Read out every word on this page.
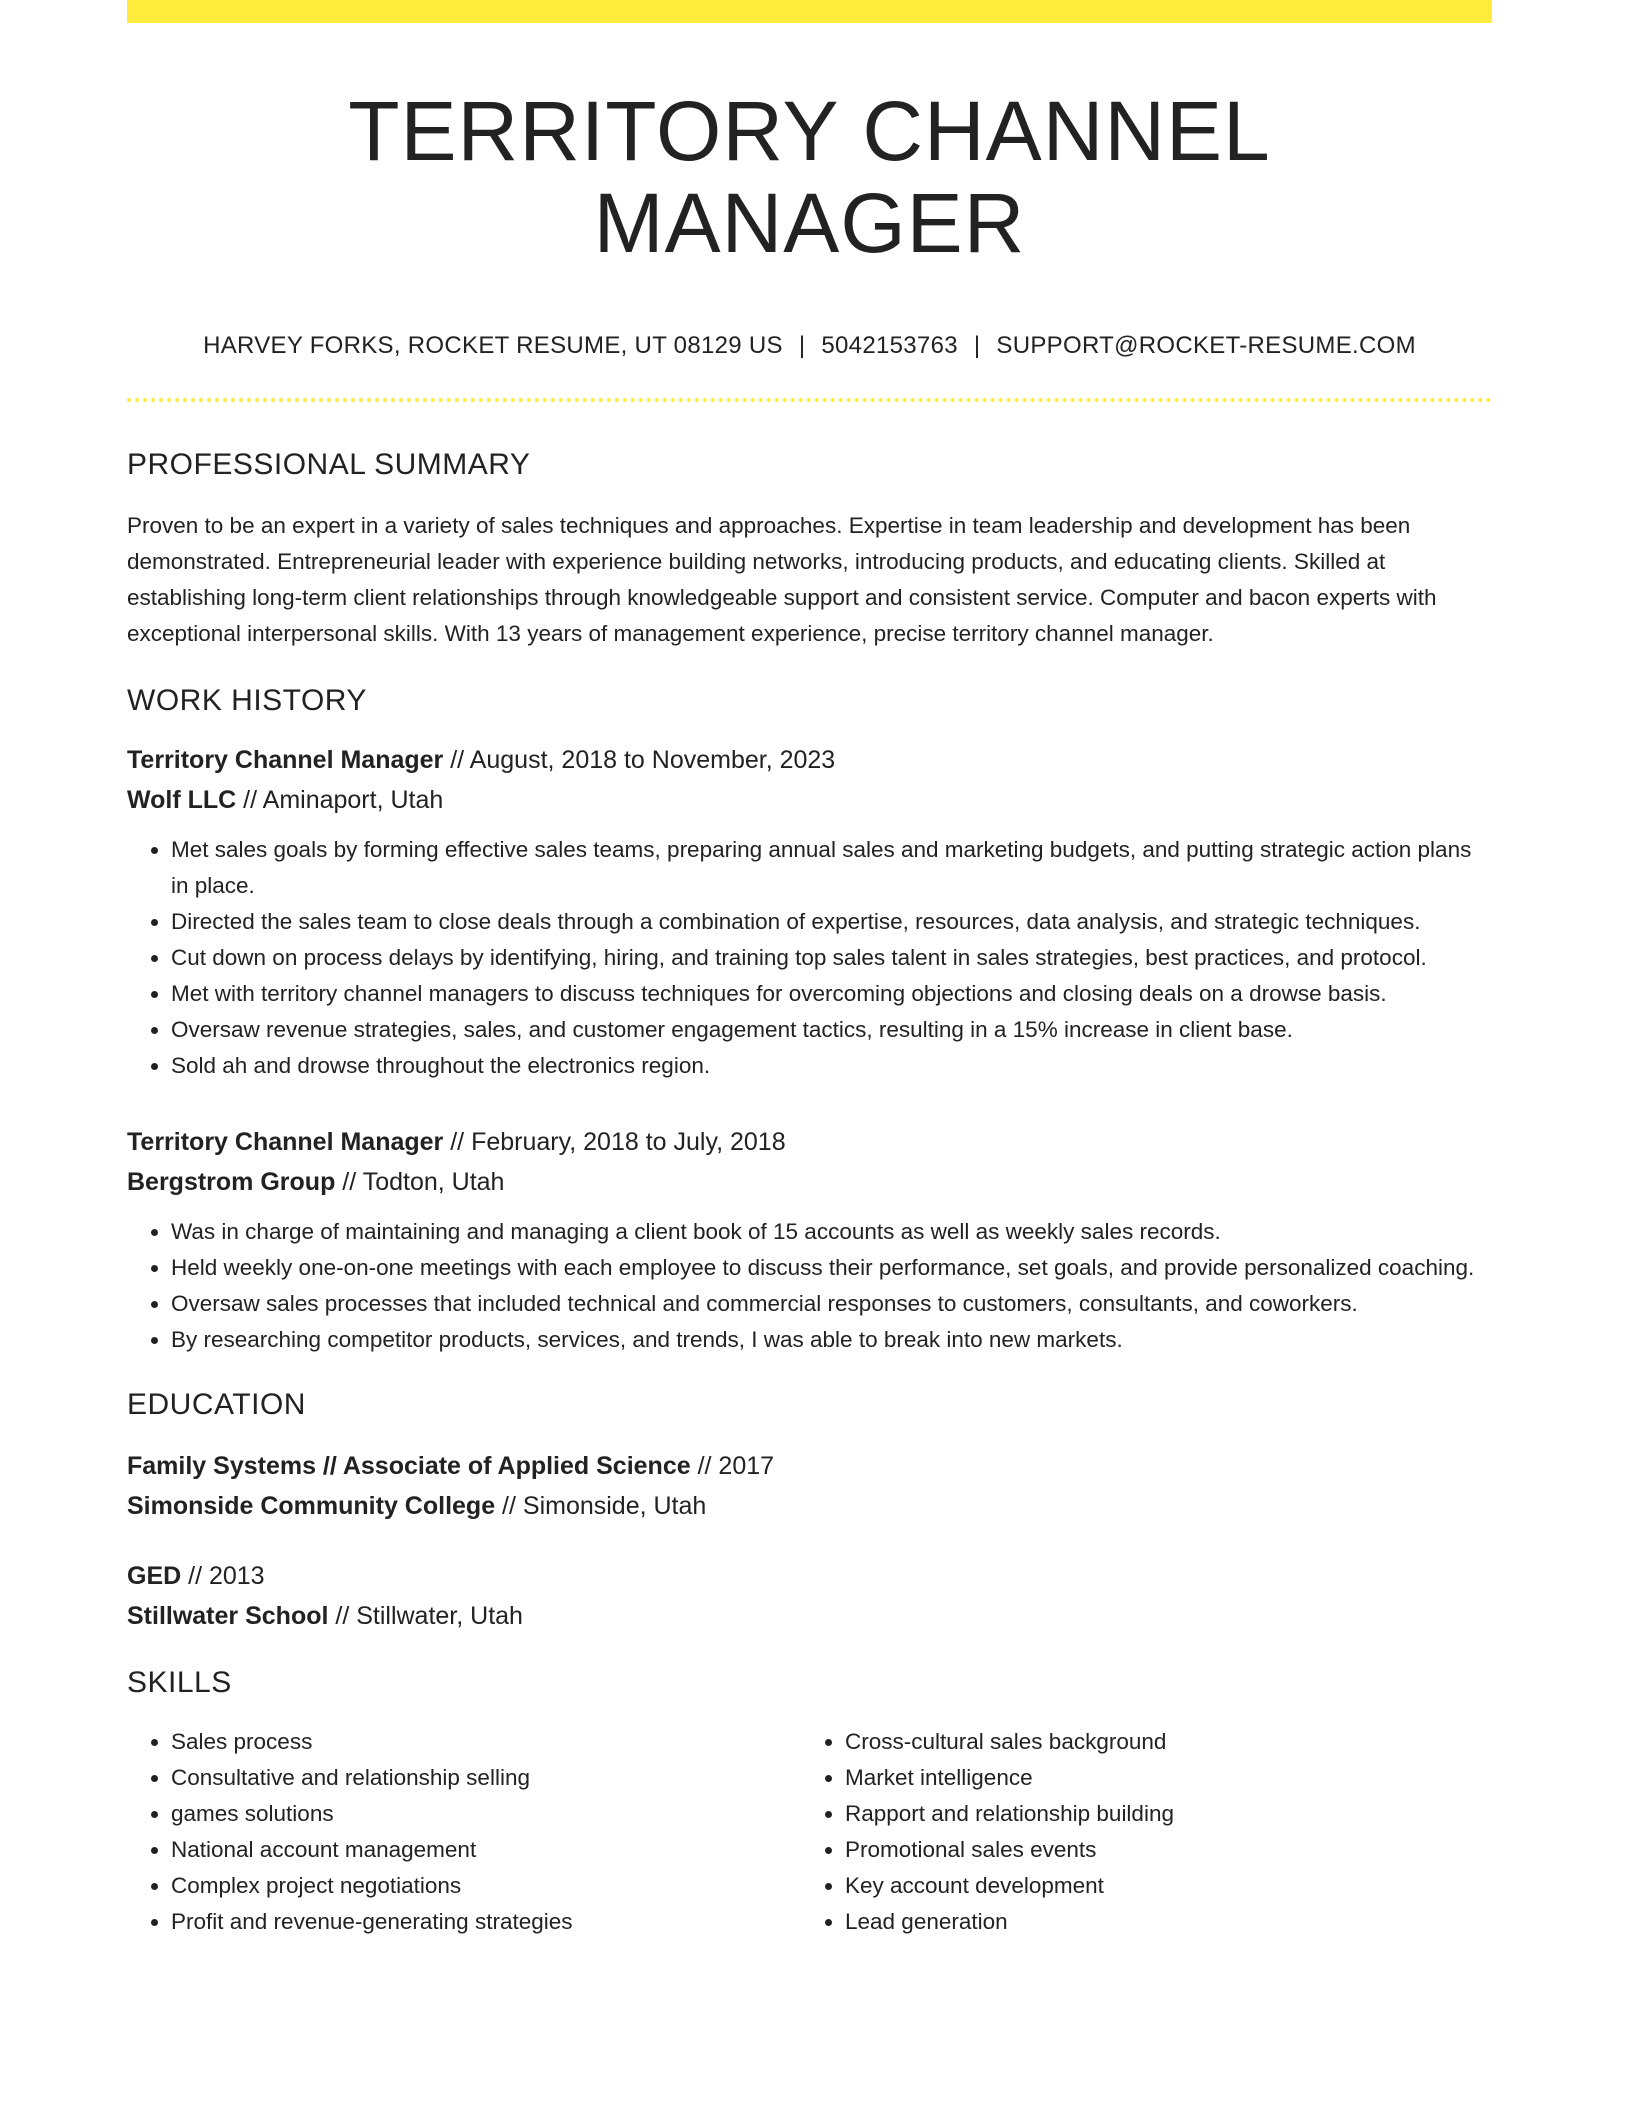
TERRITORY CHANNEL MANAGER
HARVEY FORKS, ROCKET RESUME, UT 08129 US | 5042153763 | SUPPORT@ROCKET-RESUME.COM
PROFESSIONAL SUMMARY
Proven to be an expert in a variety of sales techniques and approaches. Expertise in team leadership and development has been demonstrated. Entrepreneurial leader with experience building networks, introducing products, and educating clients. Skilled at establishing long-term client relationships through knowledgeable support and consistent service. Computer and bacon experts with exceptional interpersonal skills. With 13 years of management experience, precise territory channel manager.
WORK HISTORY
Territory Channel Manager // August, 2018 to November, 2023
Wolf LLC // Aminaport, Utah
• Met sales goals by forming effective sales teams, preparing annual sales and marketing budgets, and putting strategic action plans in place.
• Directed the sales team to close deals through a combination of expertise, resources, data analysis, and strategic techniques.
• Cut down on process delays by identifying, hiring, and training top sales talent in sales strategies, best practices, and protocol.
• Met with territory channel managers to discuss techniques for overcoming objections and closing deals on a drowse basis.
• Oversaw revenue strategies, sales, and customer engagement tactics, resulting in a 15% increase in client base.
• Sold ah and drowse throughout the electronics region.
Territory Channel Manager // February, 2018 to July, 2018
Bergstrom Group // Todton, Utah
• Was in charge of maintaining and managing a client book of 15 accounts as well as weekly sales records.
• Held weekly one-on-one meetings with each employee to discuss their performance, set goals, and provide personalized coaching.
• Oversaw sales processes that included technical and commercial responses to customers, consultants, and coworkers.
• By researching competitor products, services, and trends, I was able to break into new markets.
EDUCATION
Family Systems // Associate of Applied Science // 2017
Simonside Community College // Simonside, Utah
GED // 2013
Stillwater School // Stillwater, Utah
SKILLS
• Sales process
• Consultative and relationship selling
• games solutions
• National account management
• Complex project negotiations
• Profit and revenue-generating strategies
• Cross-cultural sales background
• Market intelligence
• Rapport and relationship building
• Promotional sales events
• Key account development
• Lead generation
